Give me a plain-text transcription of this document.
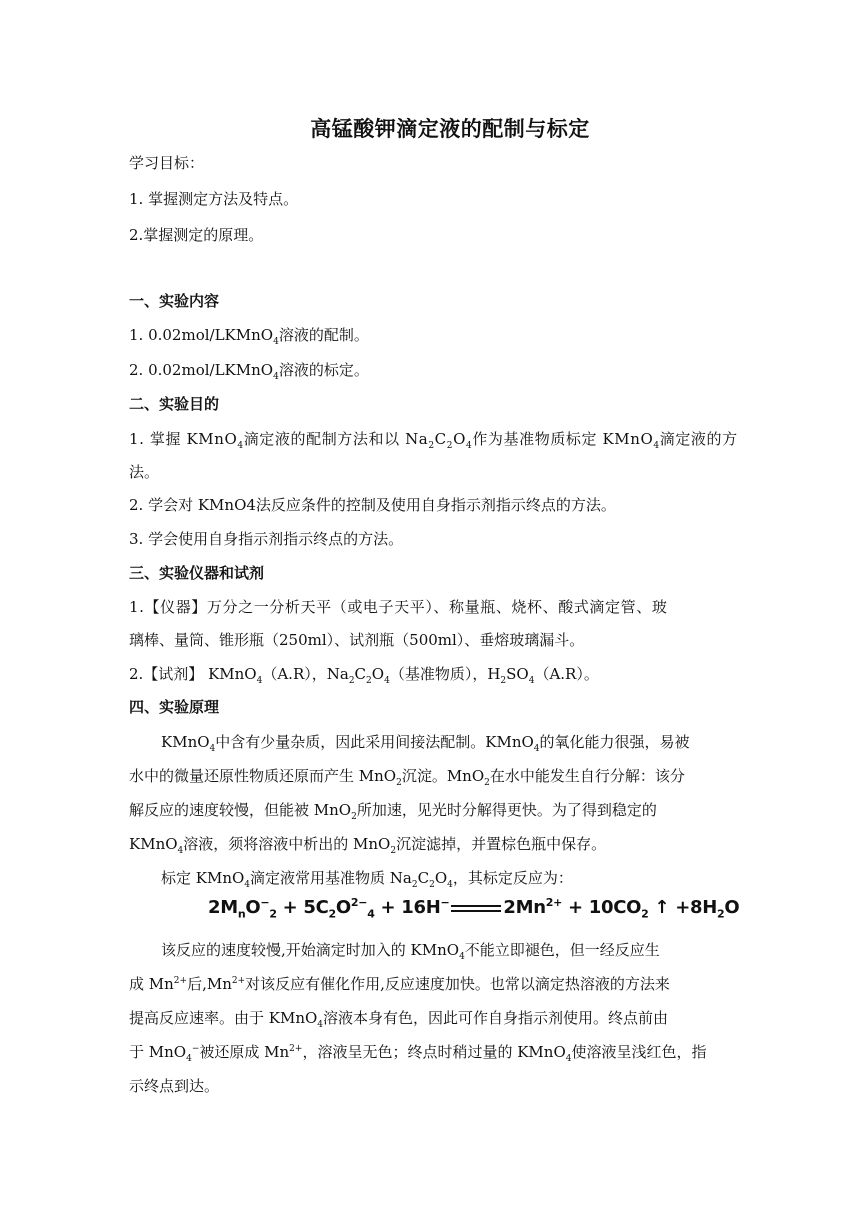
高锰酸钾滴定液的配制与标定
学习目标：
1. 掌握测定方法及特点。
2.掌握测定的原理。
一、实验内容
1. 0.02mol/LKMnO$_4$溶液的配制。
2. 0.02mol/LKMnO$_4$溶液的标定。
二、实验目的
1. 掌握 KMnO$_4$滴定液的配制方法和以 $Na_2C_2O_4$作为基准物质标定 KMnO$_4$滴定液的方
法。
2. 学会对 KMnO4法反应条件的控制及使用自身指示剂指示终点的方法。
3. 学会使用自身指示剂指示终点的方法。
三、实验仪器和试剂
1.【仪器】万分之一分析天平（或电子天平）、称量瓶、烧杯、酸式滴定管、玻
璃棒、量筒、锥形瓶（250ml）、试剂瓶（500ml）、垂熔玻璃漏斗。
2.【试剂】 KMnO$_4$（A.R），$Na_2C_2O_4$（基准物质），$H_2SO_4(A.R)$。
四、实验原理
KMnO$_4$中含有少量杂质，因此采用间接法配制。KMnO$_4$的氧化能力很强，易被
水中的微量还原性物质还原而产生 MnO$_2$沉淀。MnO$_2$在水中能发生自行分解：该分
解反应的速度较慢，但能被 MnO$_2$所加速，见光时分解得更快。为了得到稳定的
KMnO$_4$溶液，须将溶液中析出的 MnO$_2$沉淀滤掉，并置棕色瓶中保存。
标定 KMnO$_4$滴定液常用基准物质 $Na_2C_2O_4$，其标定反应为：
$2M_nO^-_2 + 5C_2O^{2-}_4 + 16H^-$	$2Mn^{2+} + 10CO_2$ ↑ $+8H_2O$
该反应的速度较慢,开始滴定时加入的 KMnO$_4$不能立即褪色，但一经反应生
成 $Mn^{2+}$后$,Mn^{2+}$对该反应有催化作用,反应速度加快。也常以滴定热溶液的方法来
提高反应速率。由于 KMnO$_4$溶液本身有色，因此可作自身指示剂使用。终点前由
于 MnO$_4$−被还原成 $Mn^{2+}$，溶液呈无色；终点时稍过量的 KMnO$_4$使溶液呈浅红色，指
示终点到达。
